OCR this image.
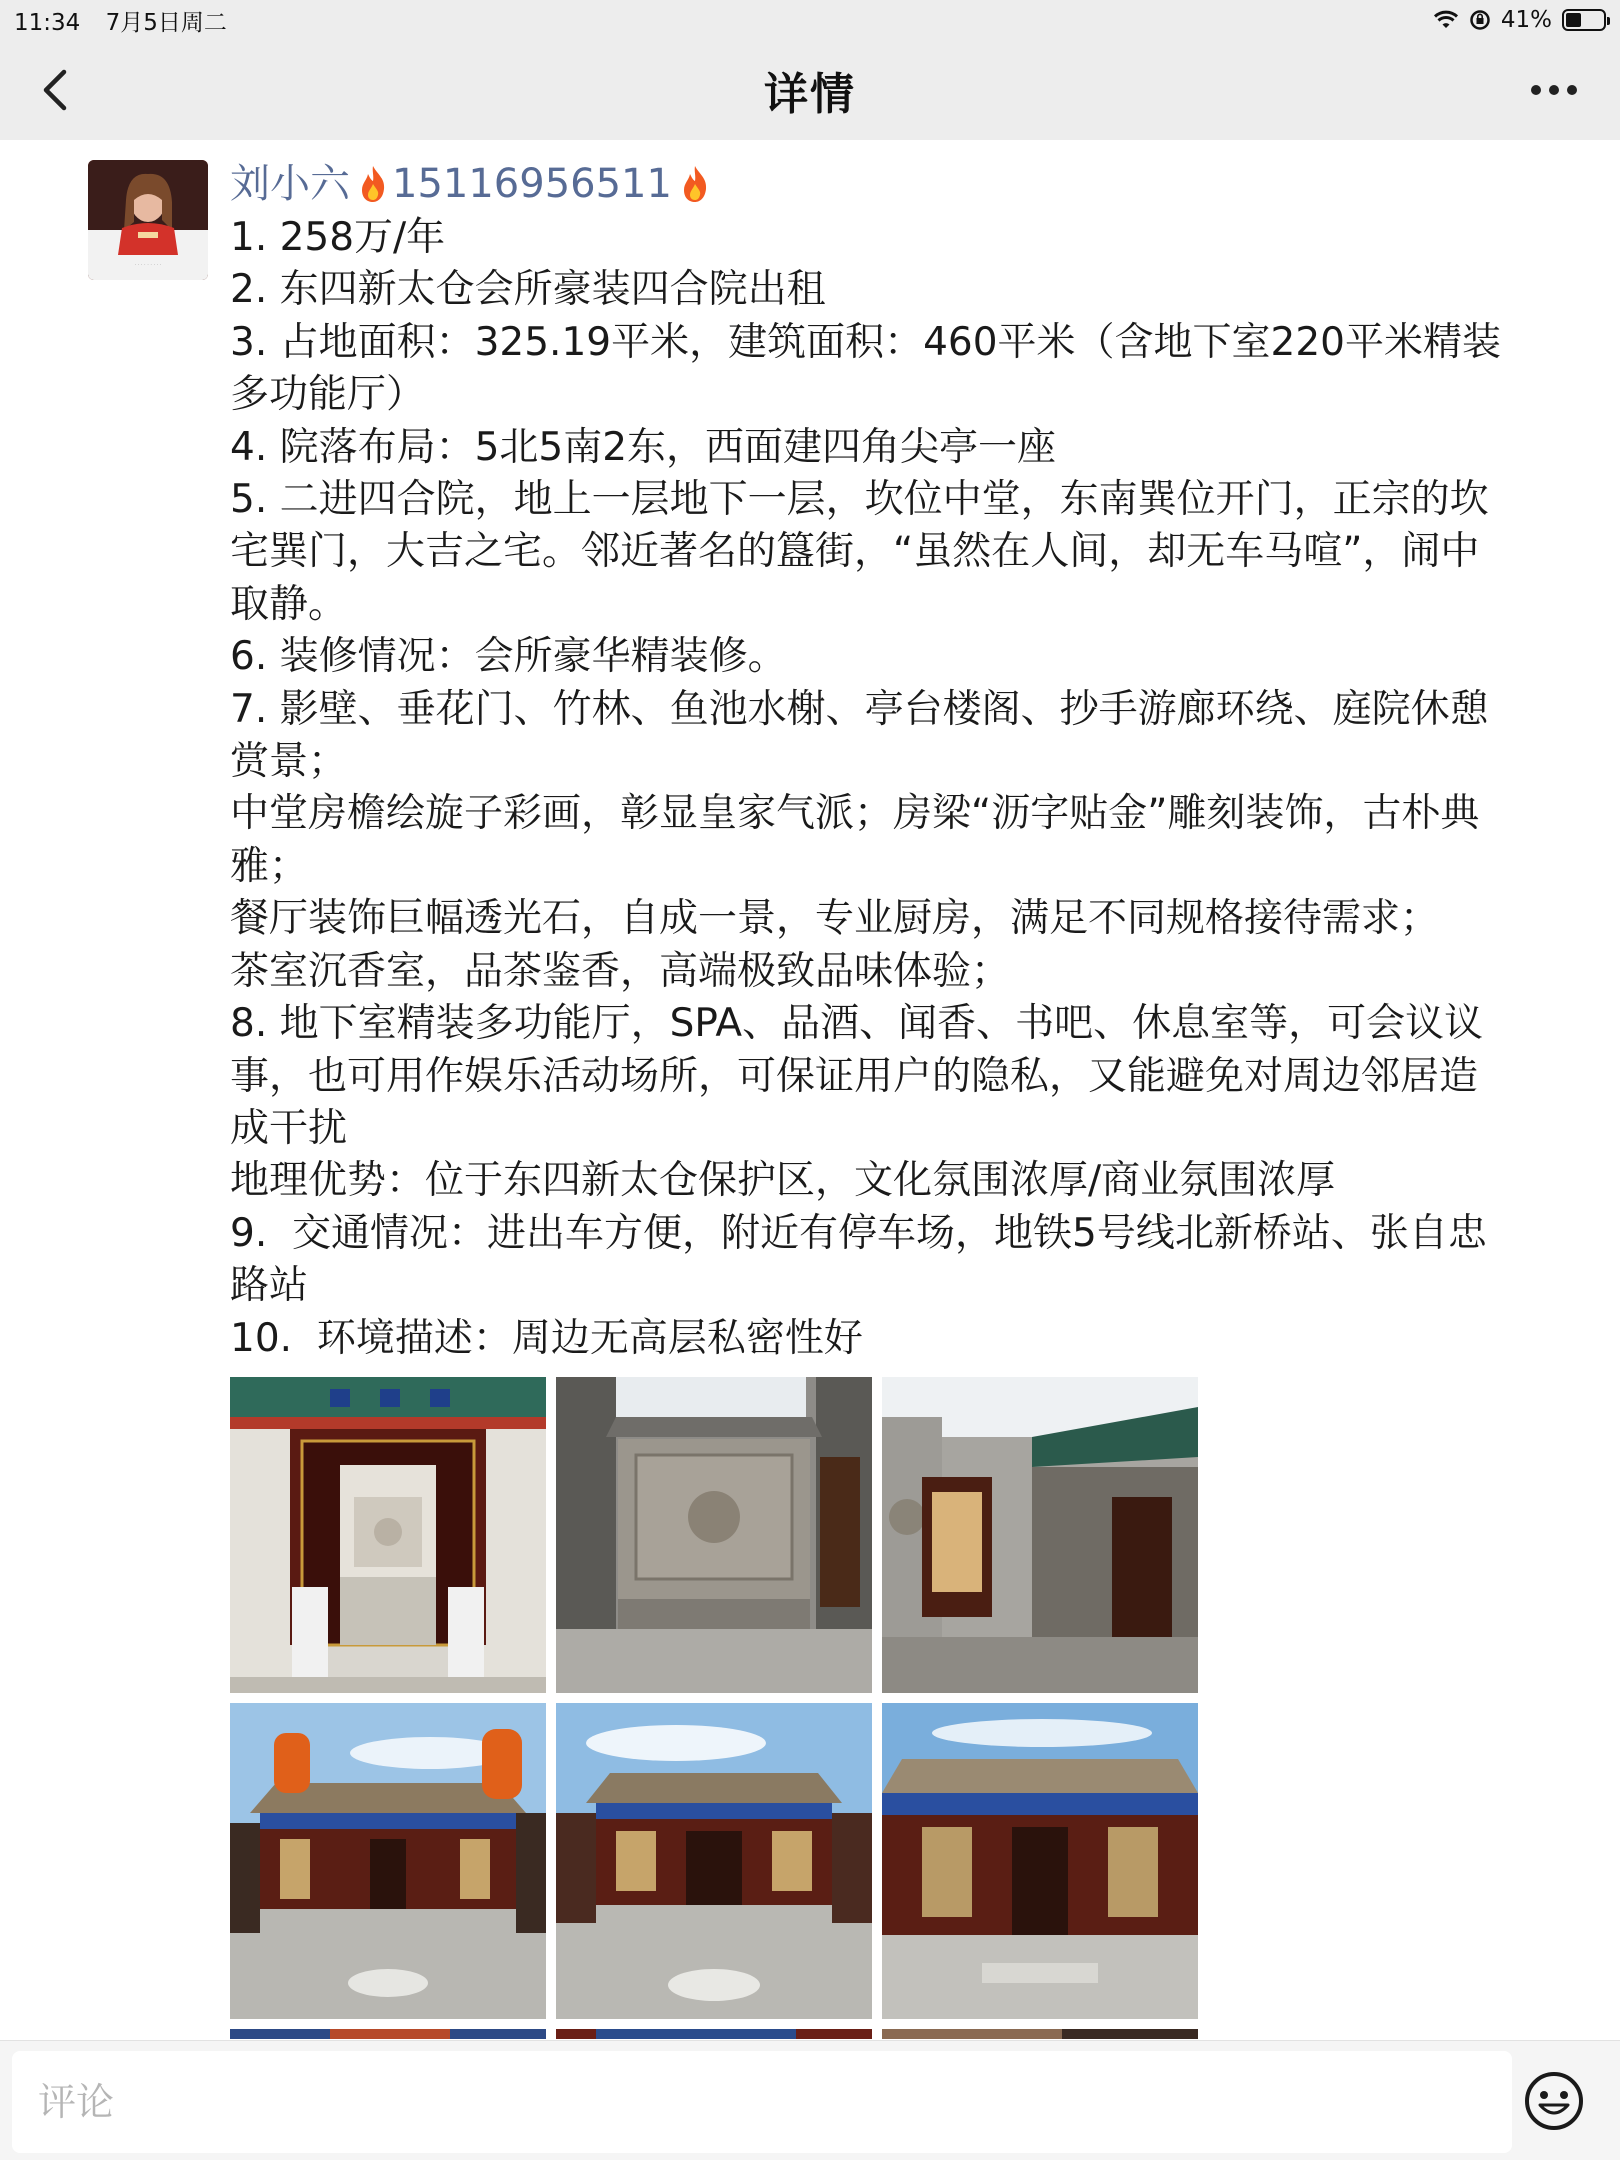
11:34 7月5日周二	41%
详情
· · · · · · · · ·
刘小六 15116956511
1. 258万/年
2. 东四新太仓会所豪装四合院出租
3. 占地面积：325.19平米，建筑面积：460平米（含地下室220平米精装
多功能厅）
4. 院落布局：5北5南2东，西面建四角尖亭一座
5. 二进四合院，地上一层地下一层，坎位中堂，东南巽位开门，正宗的坎
宅巽门，大吉之宅。邻近著名的簋街，“虽然在人间，却无车马喧”，闹中
取静。
6. 装修情况：会所豪华精装修。
7. 影壁、垂花门、竹林、鱼池水榭、亭台楼阁、抄手游廊环绕、庭院休憩
赏景；
中堂房檐绘旋子彩画，彰显皇家气派；房梁“沥字贴金”雕刻装饰，古朴典
雅；
餐厅装饰巨幅透光石，自成一景，专业厨房，满足不同规格接待需求；
茶室沉香室，品茶鉴香，高端极致品味体验；
8. 地下室精装多功能厅，SPA、品酒、闻香、书吧、休息室等，可会议议
事，也可用作娱乐活动场所，可保证用户的隐私，又能避免对周边邻居造
成干扰
地理优势：位于东四新太仓保护区，文化氛围浓厚/商业氛围浓厚
9.  交通情况：进出车方便，附近有停车场，地铁5号线北新桥站、张自忠
路站
10.  环境描述：周边无高层私密性好
评论
